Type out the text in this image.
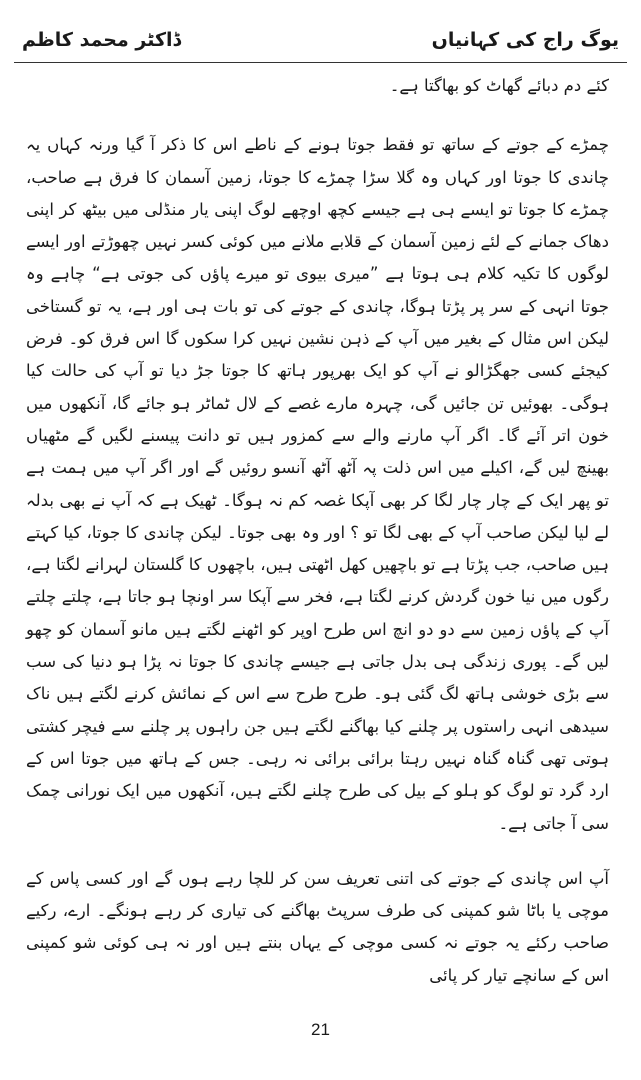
ڈاکٹر محمد کاظم	یوگ راج کی کہانیاں

کئے دم دبائے گھاٹ کو بھاگتا ہے۔

چمڑے کے جوتے کے ساتھ تو فقط جوتا ہونے کے ناطے اس کا ذکر آ گیا ورنہ کہاں یہ چاندی کا جوتا اور کہاں وہ گلا سڑا چمڑے کا جوتا، زمین آسمان کا فرق ہے صاحب، چمڑے کا جوتا تو ایسے ہی ہے جیسے کچھ اوچھے لوگ اپنی یار منڈلی میں بیٹھ کر اپنی دھاک جمانے کے لئے زمین آسمان کے قلابے ملانے میں کوئی کسر نہیں چھوڑتے اور ایسے لوگوں کا تکیہ کلام ہی ہوتا ہے ”میری بیوی تو میرے پاؤں کی جوتی ہے“ چاہے وہ جوتا انہی کے سر پر پڑتا ہوگا، چاندی کے جوتے کی تو بات ہی اور ہے، یہ تو گستاخی لیکن اس مثال کے بغیر میں آپ کے ذہن نشین نہیں کرا سکوں گا اس فرق کو۔ فرض کیجئے کسی جھگڑالو نے آپ کو ایک بھرپور ہاتھ کا جوتا جڑ دیا تو آپ کی حالت کیا ہوگی۔ بھوئیں تن جائیں گی، چہرہ مارے غصے کے لال ٹماٹر ہو جائے گا، آنکھوں میں خون اتر آئے گا۔ اگر آپ مارنے والے سے کمزور ہیں تو دانت پیسنے لگیں گے مٹھیاں بھینچ لیں گے، اکیلے میں اس ذلت پہ آٹھ آٹھ آنسو روئیں گے اور اگر آپ میں ہمت ہے تو پھر ایک کے چار چار لگا کر بھی آپکا غصہ کم نہ ہوگا۔ ٹھیک ہے کہ آپ نے بھی بدلہ لے لیا لیکن صاحب آپ کے بھی لگا تو ؟ اور وہ بھی جوتا۔ لیکن چاندی کا جوتا، کیا کہتے ہیں صاحب، جب پڑتا ہے تو باچھیں کھل اٹھتی ہیں، باچھوں کا گلستان لہرانے لگتا ہے، رگوں میں نیا خون گردش کرنے لگتا ہے، فخر سے آپکا سر اونچا ہو جاتا ہے، چلتے چلتے آپ کے پاؤں زمین سے دو دو انچ اس طرح اوپر کو اٹھنے لگتے ہیں مانو آسمان کو چھو لیں گے۔ پوری زندگی ہی بدل جاتی ہے جیسے چاندی کا جوتا نہ پڑا ہو دنیا کی سب سے بڑی خوشی ہاتھ لگ گئی ہو۔ طرح طرح سے اس کے نمائش کرنے لگتے ہیں ناک سیدھی انہی راستوں پر چلنے کیا بھاگنے لگتے ہیں جن راہوں پر چلنے سے فیچر کشتی ہوتی تھی گناہ گناہ نہیں رہتا برائی برائی نہ رہی۔ جس کے ہاتھ میں جوتا اس کے ارد گرد تو لوگ کو ہلو کے بیل کی طرح چلنے لگتے ہیں، آنکھوں میں ایک نورانی چمک سی آ جاتی ہے۔

آپ اس چاندی کے جوتے کی اتنی تعریف سن کر للچا رہے ہوں گے اور کسی پاس کے موچی یا باٹا شو کمپنی کی طرف سرپٹ بھاگنے کی تیاری کر رہے ہونگے۔ ارے، رکیے صاحب رکئے یہ جوتے نہ کسی موچی کے یہاں بنتے ہیں اور نہ ہی کوئی شو کمپنی اس کے سانچے تیار کر پائی

21
